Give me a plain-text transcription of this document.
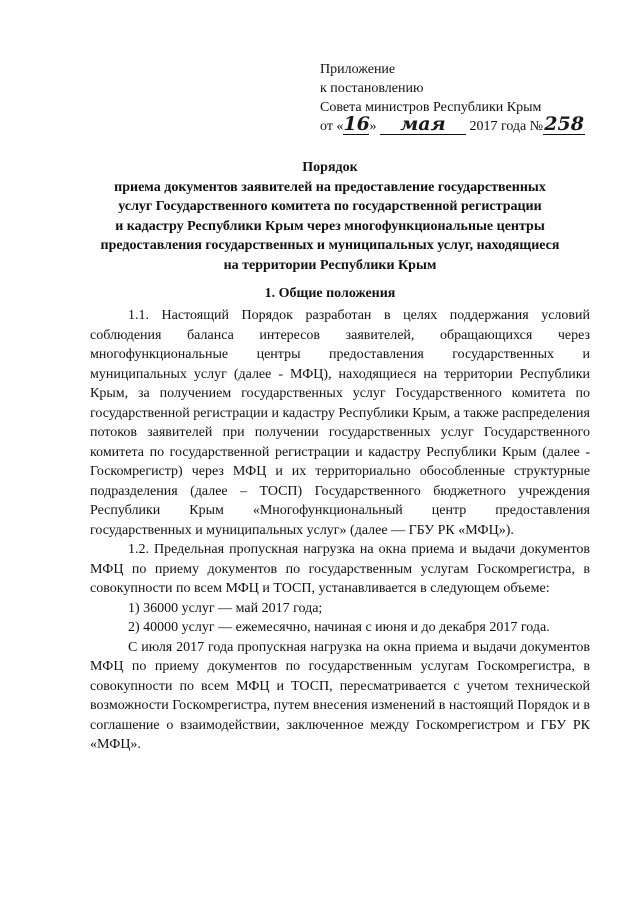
Приложение
к постановлению
Совета министров Республики Крым
от «16» мая 2017 года №258
Порядок
приема документов заявителей на предоставление государственных
услуг Государственного комитета по государственной регистрации
и кадастру Республики Крым через многофункциональные центры
предоставления государственных и муниципальных услуг, находящиеся
на территории Республики Крым
1. Общие положения

1.1. Настоящий Порядок разработан в целях поддержания условий соблюдения баланса интересов заявителей, обращающихся через многофункциональные центры предоставления государственных и муниципальных услуг (далее - МФЦ), находящиеся на территории Республики Крым, за получением государственных услуг Государственного комитета по государственной регистрации и кадастру Республики Крым, а также распределения потоков заявителей при получении государственных услуг Государственного комитета по государственной регистрации и кадастру Республики Крым (далее - Госкомрегистр) через МФЦ и их территориально обособленные структурные подразделения (далее – ТОСП) Государственного бюджетного учреждения Республики Крым «Многофункциональный центр предоставления государственных и муниципальных услуг» (далее — ГБУ РК «МФЦ»).

1.2. Предельная пропускная нагрузка на окна приема и выдачи документов МФЦ по приему документов по государственным услугам Госкомрегистра, в совокупности по всем МФЦ и ТОСП, устанавливается в следующем объеме:

1) 36000 услуг — май 2017 года;

2) 40000 услуг — ежемесячно, начиная с июня и до декабря 2017 года.

С июля 2017 года пропускная нагрузка на окна приема и выдачи документов МФЦ по приему документов по государственным услугам Госкомрегистра, в совокупности по всем МФЦ и ТОСП, пересматривается с учетом технической возможности Госкомрегистра, путем внесения изменений в настоящий Порядок и в соглашение о взаимодействии, заключенное между Госкомрегистром и ГБУ РК «МФЦ».
